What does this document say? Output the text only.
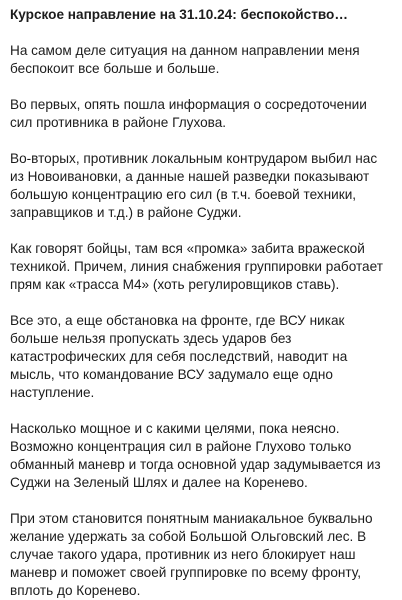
Курское направление на 31.10.24: беспокойство…

На самом деле ситуация на данном направлении меня беспокоит все больше и больше.

Во первых, опять пошла информация о сосредоточении сил противника в районе Глухова.

Во-вторых, противник локальным контрударом выбил нас из Новоивановки, а данные нашей разведки показывают большую концентрацию его сил (в т.ч. боевой техники, заправщиков и т.д.) в районе Суджи.

Как говорят бойцы, там вся «промка» забита вражеской техникой. Причем, линия снабжения группировки работает прям как «трасса М4» (хоть регулировщиков ставь).

Все это, а еще обстановка на фронте, где ВСУ никак больше нельзя пропускать здесь ударов без катастрофических для себя последствий, наводит на мысль, что командование ВСУ задумало еще одно наступление.

Насколько мощное и с какими целями, пока неясно. Возможно концентрация сил в районе Глухово только обманный маневр и тогда основной удар задумывается из Суджи на Зеленый Шлях и далее на Коренево.

При этом становится понятным маниакальное буквально желание удержать за собой Большой Ольговский лес. В случае такого удара, противник из него блокирует наш маневр и поможет своей группировке по всему фронту, вплоть до Коренево.
